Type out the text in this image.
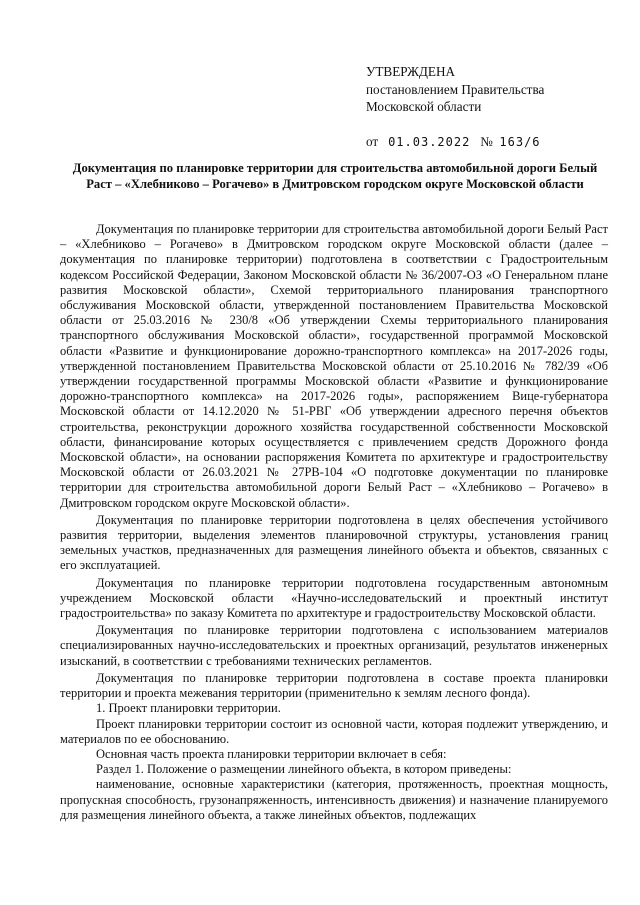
УТВЕРЖДЕНА
постановлением Правительства
Московской области
от 01.03.2022 № 163/6
Документация по планировке территории для строительства автомобильной дороги Белый Раст – «Хлебниково – Рогачево» в Дмитровском городском округе Московской области

Документация по планировке территории для строительства автомобильной дороги Белый Раст – «Хлебниково – Рогачево» в Дмитровском городском округе Московской области (далее – документация по планировке территории) подготовлена в соответствии с Градостроительным кодексом Российской Федерации, Законом Московской области № 36/2007-ОЗ «О Генеральном плане развития Московской области», Схемой территориального планирования транспортного обслуживания Московской области, утвержденной постановлением Правительства Московской области от 25.03.2016 № 230/8 «Об утверждении Схемы территориального планирования транспортного обслуживания Московской области», государственной программой Московской области «Развитие и функционирование дорожно-транспортного комплекса» на 2017-2026 годы, утвержденной постановлением Правительства Московской области от 25.10.2016 № 782/39 «Об утверждении государственной программы Московской области «Развитие и функционирование дорожно-транспортного комплекса» на 2017-2026 годы», распоряжением Вице-губернатора Московской области от 14.12.2020 № 51-РВГ «Об утверждении адресного перечня объектов строительства, реконструкции дорожного хозяйства государственной собственности Московской области, финансирование которых осуществляется с привлечением средств Дорожного фонда Московской области», на основании распоряжения Комитета по архитектуре и градостроительству Московской области от 26.03.2021 № 27РВ-104 «О подготовке документации по планировке территории для строительства автомобильной дороги Белый Раст – «Хлебниково – Рогачево» в Дмитровском городском округе Московской области».

Документация по планировке территории подготовлена в целях обеспечения устойчивого развития территории, выделения элементов планировочной структуры, установления границ земельных участков, предназначенных для размещения линейного объекта и объектов, связанных с его эксплуатацией.

Документация по планировке территории подготовлена государственным автономным учреждением Московской области «Научно-исследовательский и проектный институт градостроительства» по заказу Комитета по архитектуре и градостроительству Московской области.

Документация по планировке территории подготовлена с использованием материалов специализированных научно-исследовательских и проектных организаций, результатов инженерных изысканий, в соответствии с требованиями технических регламентов.

Документация по планировке территории подготовлена в составе проекта планировки территории и проекта межевания территории (применительно к землям лесного фонда).

1. Проект планировки территории.

Проект планировки территории состоит из основной части, которая подлежит утверждению, и материалов по ее обоснованию.

Основная часть проекта планировки территории включает в себя:

Раздел 1. Положение о размещении линейного объекта, в котором приведены:

наименование, основные характеристики (категория, протяженность, проектная мощность, пропускная способность, грузонапряженность, интенсивность движения) и назначение планируемого для размещения линейного объекта, а также линейных объектов, подлежащих
